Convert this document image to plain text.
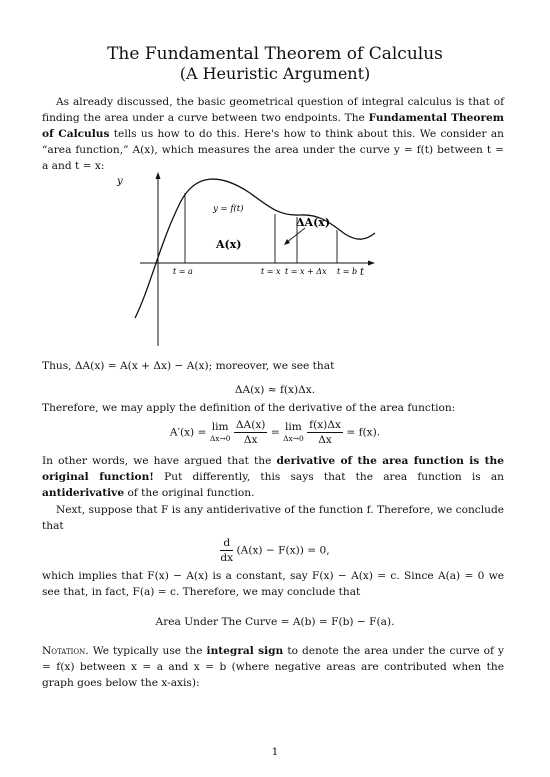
The Fundamental Theorem of Calculus
(A Heuristic Argument)
As already discussed, the basic geometrical question of integral calculus is that of finding the area under a curve between two endpoints. The Fundamental Theorem of Calculus tells us how to do this. Here's how to think about this. We consider an “area function,” A(x), which measures the area under the curve y = f(t) between t = a and t = x:
y
t
y = f(t)
A(x)
ΔA(x)
t = a	t = x t = x + Δx t = b
Thus, ΔA(x) = A(x + Δx) − A(x); moreover, we see that
ΔA(x) ≈ f(x)Δx.
Therefore, we may apply the definition of the derivative of the area function:
A′(x) = lim
Δx→0
$\frac{\Delta A(x)}{\Delta x} = \lim$
Δx→0
$\frac{f(x)\Delta x}{\Delta x} = f(x)$.
In other words, we have argued that the derivative of the area function is the original function! Put differently, this says that the area function is an antiderivative of the original function.
Next, suppose that F is any antiderivative of the function f. Therefore, we conclude that
$\frac{d}{dx} (A(x) - F(x)) = 0$,
which implies that F(x) − A(x) is a constant, say F(x) − A(x) = c. Since A(a) = 0 we see that, in fact, F(a) = c. Therefore, we may conclude that
Area Under The Curve = A(b) = F(b) − F(a).
Notation. We typically use the integral sign to denote the area under the curve of y = f(x) between x = a and x = b (where negative areas are contributed when the graph goes below the x-axis):
1
